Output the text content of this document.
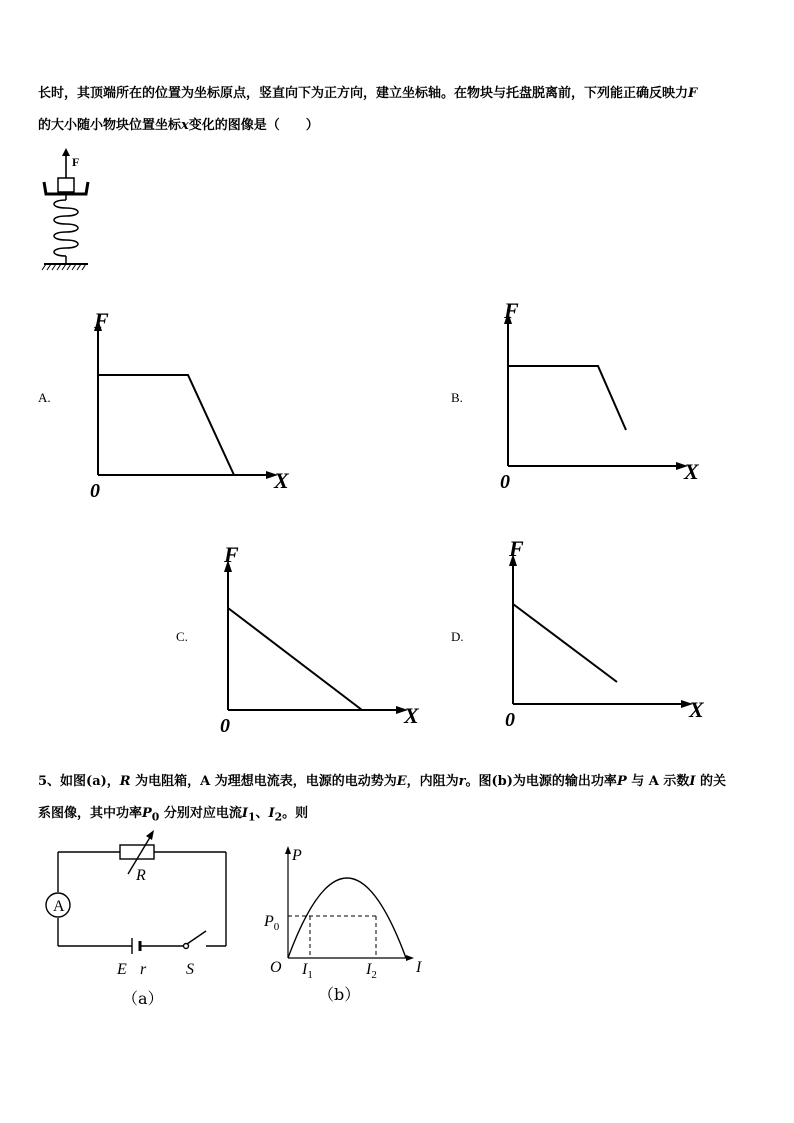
长时，其顶端所在的位置为坐标原点，竖直向下为正方向，建立坐标轴。在物块与托盘脱离前，下列能正确反映力F
的大小随小物块位置坐标x变化的图像是（　　）
F
A.
F
X
0
B.
F
X
0
C.
F
X
0
D.
F
X
0
5、如图(a)，R 为电阻箱，A 为理想电流表，电源的电动势为E，内阻为r。图(b)为电源的输出功率P 与 A 示数I 的关
系图像，其中功率$P_0$ 分别对应电流$I_1$、$I_2$。则
A
R
E r S
（a）
P
I
O
$P_0$
$I_1$	$I_2$
（b）
